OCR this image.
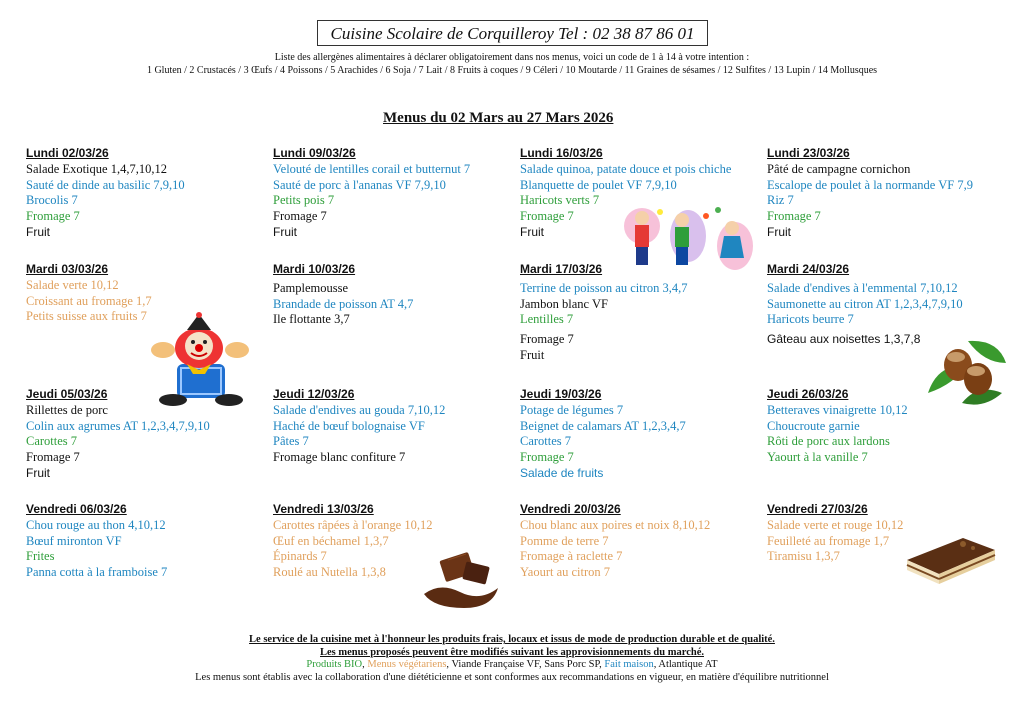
Cuisine Scolaire de Corquilleroy Tel : 02 38 87 86 01
Liste des allergènes alimentaires à déclarer obligatoirement dans nos menus, voici un code de 1 à 14 à votre intention :
1 Gluten / 2 Crustacés / 3 Œufs / 4 Poissons / 5 Arachides / 6 Soja / 7 Lait / 8 Fruits à coques / 9 Céleri / 10 Moutarde / 11 Graines de sésames / 12 Sulfites / 13 Lupin / 14 Mollusques
Menus du 02 Mars au 27 Mars 2026
Lundi 02/03/26
Salade Exotique 1,4,7,10,12
Sauté de dinde au basilic 7,9,10
Brocolis 7
Fromage 7
Fruit
Lundi 09/03/26
Velouté de lentilles corail et butternut 7
Sauté de porc à l'ananas VF 7,9,10
Petits pois 7
Fromage 7
Fruit
Lundi 16/03/26
Salade quinoa, patate douce et pois chiche
Blanquette de poulet VF 7,9,10
Haricots verts 7
Fromage 7
Fruit
Lundi 23/03/26
Pâté de campagne cornichon
Escalope de poulet à la normande VF 7,9
Riz 7
Fromage 7
Fruit
Mardi 03/03/26
Salade verte 10,12
Croissant au fromage 1,7
Petits suisse aux fruits 7
Mardi 10/03/26
Pamplemousse
Brandade de poisson AT 4,7
Ile flottante 3,7
Mardi 17/03/26
Terrine de poisson au citron 3,4,7
Jambon blanc VF
Lentilles 7
Fromage 7
Fruit
Mardi 24/03/26
Salade d'endives à l'emmental 7,10,12
Saumonette au citron AT 1,2,3,4,7,9,10
Haricots beurre 7
Gâteau aux noisettes 1,3,7,8
Jeudi 05/03/26
Rillettes de porc
Colin aux agrumes AT 1,2,3,4,7,9,10
Carottes 7
Fromage 7
Fruit
Jeudi 12/03/26
Salade d'endives au gouda 7,10,12
Haché de bœuf bolognaise VF
Pâtes 7
Fromage blanc confiture 7
Jeudi 19/03/26
Potage de légumes 7
Beignet de calamars AT 1,2,3,4,7
Carottes 7
Fromage 7
Salade de fruits
Jeudi 26/03/26
Betteraves vinaigrette 10,12
Choucroute garnie
Rôti de porc aux lardons
Yaourt à la vanille 7
Vendredi 06/03/26
Chou rouge au thon 4,10,12
Bœuf mironton VF
Frites
Panna cotta à la framboise 7
Vendredi 13/03/26
Carottes râpées à l'orange 10,12
Œuf en béchamel 1,3,7
Épinards 7
Roulé au Nutella 1,3,8
Vendredi 20/03/26
Chou blanc aux poires et noix 8,10,12
Pomme de terre 7
Fromage à raclette 7
Yaourt au citron 7
Vendredi 27/03/26
Salade verte et rouge 10,12
Feuilleté au fromage 1,7
Tiramisu 1,3,7
Le service de la cuisine met à l'honneur les produits frais, locaux et issus de mode de production durable et de qualité.
Les menus proposés peuvent être modifiés suivant les approvisionnements du marché.
Produits BIO, Menus végétariens, Viande Française VF, Sans Porc SP, Fait maison, Atlantique AT
Les menus sont établis avec la collaboration d'une diététicienne et sont conformes aux recommandations en vigueur, en matière d'équilibre nutritionnel
